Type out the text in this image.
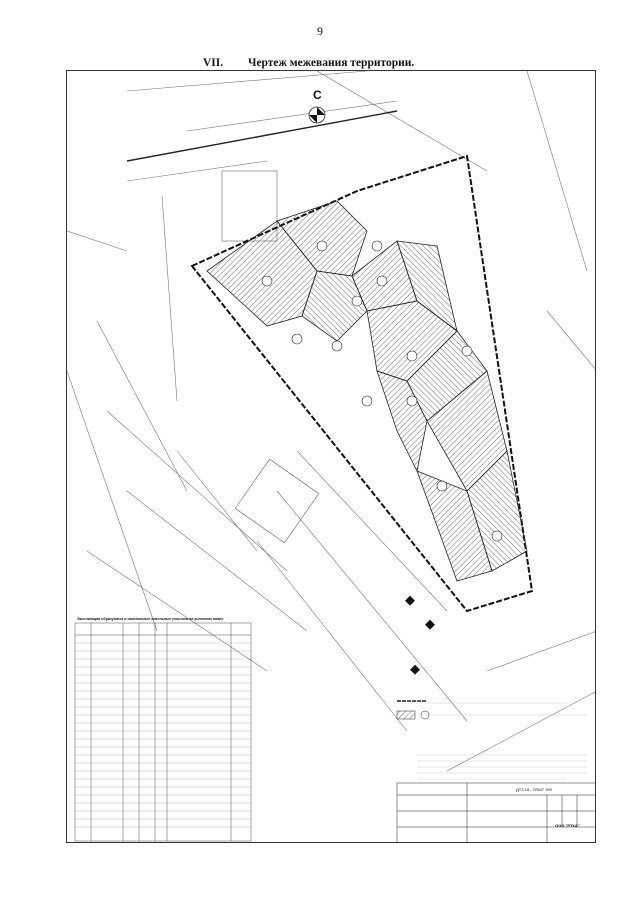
9
VII. Чертеж межевания территории.
Экспликация образуемых и изменяемых земельных участков на условном плане
ДТЗ 18 - ППМТ 390
ООО "РТКА"
С
